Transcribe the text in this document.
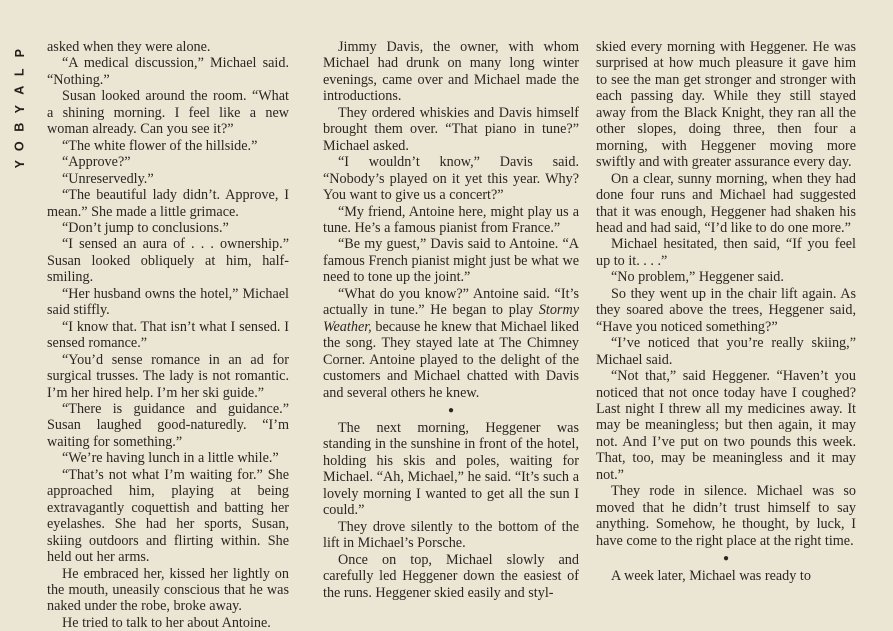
P
L
A
Y
B
O
Y

asked when they were alone.

“A medical discussion,” Michael said. “Nothing.”

Susan looked around the room. “What a shining morning. I feel like a new woman already. Can you see it?”

“The white flower of the hillside.”

“Approve?”

“Unreservedly.”

“The beautiful lady didn’t. Approve, I mean.” She made a little grimace.

“Don’t jump to conclusions.”

“I sensed an aura of . . . ownership.” Susan looked obliquely at him, half-smiling.

“Her husband owns the hotel,” Michael said stiffly.

“I know that. That isn’t what I sensed. I sensed romance.”

“You’d sense romance in an ad for surgical trusses. The lady is not romantic. I’m her hired help. I’m her ski guide.”

“There is guidance and guidance.” Susan laughed good-naturedly. “I’m waiting for something.”

“We’re having lunch in a little while.”

“That’s not what I’m waiting for.” She approached him, playing at being extravagantly coquettish and batting her eyelashes. She had her sports, Susan, skiing outdoors and flirting within. She held out her arms.

He embraced her, kissed her lightly on the mouth, uneasily conscious that he was naked under the robe, broke away.

He tried to talk to her about Antoine.

Jimmy Davis, the owner, with whom Michael had drunk on many long winter evenings, came over and Michael made the introductions.

They ordered whiskies and Davis himself brought them over. “That piano in tune?” Michael asked.

“I wouldn’t know,” Davis said. “Nobody’s played on it yet this year. Why? You want to give us a concert?”

“My friend, Antoine here, might play us a tune. He’s a famous pianist from France.”

“Be my guest,” Davis said to Antoine. “A famous French pianist might just be what we need to tone up the joint.”

“What do you know?” Antoine said. “It’s actually in tune.” He began to play Stormy Weather, because he knew that Michael liked the song. They stayed late at The Chimney Corner. Antoine played to the delight of the customers and Michael chatted with Davis and several others he knew.

●

The next morning, Heggener was standing in the sunshine in front of the hotel, holding his skis and poles, waiting for Michael. “Ah, Michael,” he said. “It’s such a lovely morning I wanted to get all the sun I could.”

They drove silently to the bottom of the lift in Michael’s Porsche.

Once on top, Michael slowly and carefully led Heggener down the easiest of the runs. Heggener skied easily and styl-

skied every morning with Heggener. He was surprised at how much pleasure it gave him to see the man get stronger and stronger with each passing day. While they still stayed away from the Black Knight, they ran all the other slopes, doing three, then four a morning, with Heggener moving more swiftly and with greater assurance every day.

On a clear, sunny morning, when they had done four runs and Michael had suggested that it was enough, Heggener had shaken his head and had said, “I’d like to do one more.”

Michael hesitated, then said, “If you feel up to it. . . .”

“No problem,” Heggener said.

So they went up in the chair lift again. As they soared above the trees, Heggener said, “Have you noticed something?”

“I’ve noticed that you’re really skiing,” Michael said.

“Not that,” said Heggener. “Haven’t you noticed that not once today have I coughed? Last night I threw all my medicines away. It may be meaningless; but then again, it may not. And I’ve put on two pounds this week. That, too, may be meaningless and it may not.”

They rode in silence. Michael was so moved that he didn’t trust himself to say anything. Somehow, he thought, by luck, I have come to the right place at the right time.

●

A week later, Michael was ready to
